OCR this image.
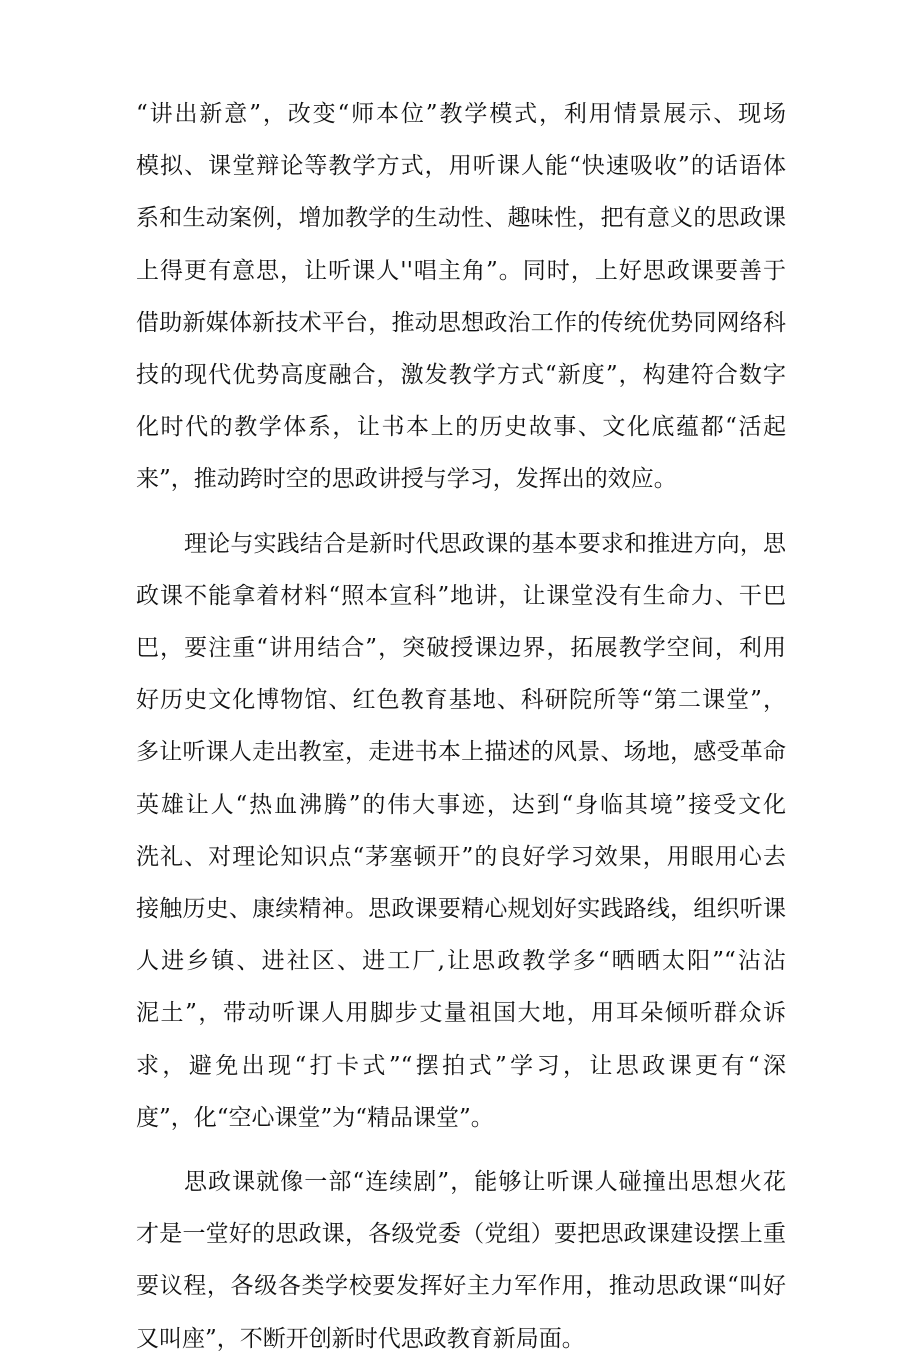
“讲出新意”，改变“师本位”教学模式，利用情景展示、现场
模拟、课堂辩论等教学方式，用听课人能“快速吸收”的话语体
系和生动案例，增加教学的生动性、趣味性，把有意义的思政课
上得更有意思，让听课人''唱主角”。同时，上好思政课要善于
借助新媒体新技术平台，推动思想政治工作的传统优势同网络科
技的现代优势高度融合，激发教学方式“新度”，构建符合数字
化时代的教学体系，让书本上的历史故事、文化底蕴都“活起
来”，推动跨时空的思政讲授与学习，发挥出的效应。
理论与实践结合是新时代思政课的基本要求和推进方向，思
政课不能拿着材料“照本宣科”地讲，让课堂没有生命力、干巴
巴，要注重“讲用结合”，突破授课边界，拓展教学空间，利用
好历史文化博物馆、红色教育基地、科研院所等“第二课堂”，
多让听课人走出教室，走进书本上描述的风景、场地，感受革命
英雄让人“热血沸腾”的伟大事迹，达到“身临其境”接受文化
洗礼、对理论知识点“茅塞顿开”的良好学习效果，用眼用心去
接触历史、康续精神。思政课要精心规划好实践路线，组织听课
人进乡镇、进社区、进工厂,让思政教学多“晒晒太阳”“沾沾
泥土”，带动听课人用脚步丈量祖国大地，用耳朵倾听群众诉
求，避免出现“打卡式”“摆拍式”学习，让思政课更有“深
度”，化“空心课堂”为“精品课堂”。
思政课就像一部“连续剧”，能够让听课人碰撞出思想火花
才是一堂好的思政课，各级党委（党组）要把思政课建设摆上重
要议程，各级各类学校要发挥好主力军作用，推动思政课“叫好
又叫座”，不断开创新时代思政教育新局面。
